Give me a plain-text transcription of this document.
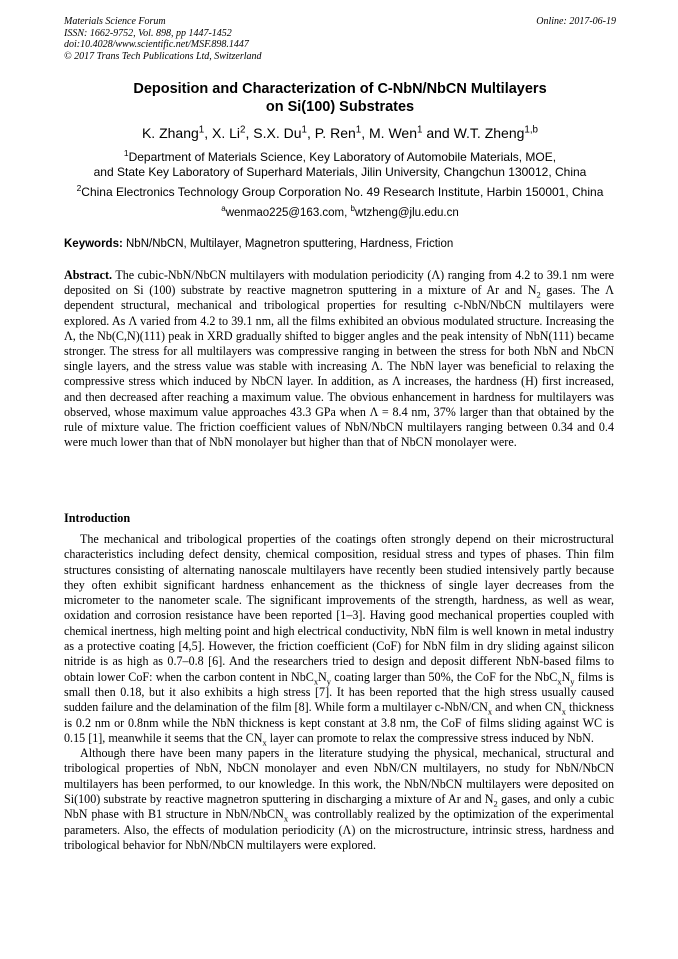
Materials Science Forum
ISSN: 1662-9752, Vol. 898, pp 1447-1452
doi:10.4028/www.scientific.net/MSF.898.1447
© 2017 Trans Tech Publications Ltd, Switzerland
Online: 2017-06-19
Deposition and Characterization of C-NbN/NbCN Multilayers
on Si(100) Substrates
K. Zhang$^1$, X. Li$^2$, S.X. Du$^1$, P. Ren$^1$, M. Wen$^1$ and W.T. Zheng$^{1,b}$
$^1$Department of Materials Science, Key Laboratory of Automobile Materials, MOE,
and State Key Laboratory of Superhard Materials, Jilin University, Changchun 130012, China
$^2$China Electronics Technology Group Corporation No. 49 Research Institute, Harbin 150001, China
$^a$wenmao225@163.com, $^b$wtzheng@jlu.edu.cn
Keywords: NbN/NbCN, Multilayer, Magnetron sputtering, Hardness, Friction

Abstract. The cubic-NbN/NbCN multilayers with modulation periodicity (Λ) ranging from 4.2 to 39.1 nm were deposited on Si (100) substrate by reactive magnetron sputtering in a mixture of Ar and $N_2$ gases. The Λ dependent structural, mechanical and tribological properties for resulting c-NbN/NbCN multilayers were explored. As Λ varied from 4.2 to 39.1 nm, all the films exhibited an obvious modulated structure. Increasing the Λ, the Nb(C,N)(111) peak in XRD gradually shifted to bigger angles and the peak intensity of NbN(111) became stronger. The stress for all multilayers was compressive ranging in between the stress for both NbN and NbCN single layers, and the stress value was stable with increasing Λ. The NbN layer was beneficial to relaxing the compressive stress which induced by NbCN layer. In addition, as Λ increases, the hardness (H) first increased, and then decreased after reaching a maximum value. The obvious enhancement in hardness for multilayers was observed, whose maximum value approaches 43.3 GPa when Λ = 8.4 nm, 37% larger than that obtained by the rule of mixture value. The friction coefficient values of NbN/NbCN multilayers ranging between 0.34 and 0.4 were much lower than that of NbN monolayer but higher than that of NbCN monolayer were.

Introduction

The mechanical and tribological properties of the coatings often strongly depend on their microstructural characteristics including defect density, chemical composition, residual stress and types of phases. Thin film structures consisting of alternating nanoscale multilayers have recently been studied intensively partly because they often exhibit significant hardness enhancement as the thickness of single layer decreases from the micrometer to the nanometer scale. The significant improvements of the strength, hardness, as well as wear, oxidation and corrosion resistance have been reported [1–3]. Having good mechanical properties coupled with chemical inertness, high melting point and high electrical conductivity, NbN film is well known in metal industry as a protective coating [4,5]. However, the friction coefficient (CoF) for NbN film in dry sliding against silicon nitride is as high as 0.7–0.8 [6]. And the researchers tried to design and deposit different NbN-based films to obtain lower CoF: when the carbon content in $NbC_xN_y$ coating larger than 50%, the CoF for the $NbC_xN_y$ films is small then 0.18, but it also exhibits a high stress [7]. It has been reported that the high stress usually caused sudden failure and the delamination of the film [8]. While form a multilayer $c-NbN/CN_x$ and when $CN_x$ thickness is 0.2 nm or 0.8nm while the NbN thickness is kept constant at 3.8 nm, the CoF of films sliding against WC is 0.15 [1], meanwhile it seems that the $CN_x$ layer can promote to relax the compressive stress induced by NbN.

Although there have been many papers in the literature studying the physical, mechanical, structural and tribological properties of NbN, NbCN monolayer and even NbN/CN multilayers, no study for NbN/NbCN multilayers has been performed, to our knowledge. In this work, the NbN/NbCN multilayers were deposited on Si(100) substrate by reactive magnetron sputtering in discharging a mixture of Ar and $N_2$ gases, and only a cubic NbN phase with B1 structure in NbN/NbCN$_x$ was controllably realized by the optimization of the experimental parameters. Also, the effects of modulation periodicity (Λ) on the microstructure, intrinsic stress, hardness and tribological behavior for NbN/NbCN multilayers were explored.
